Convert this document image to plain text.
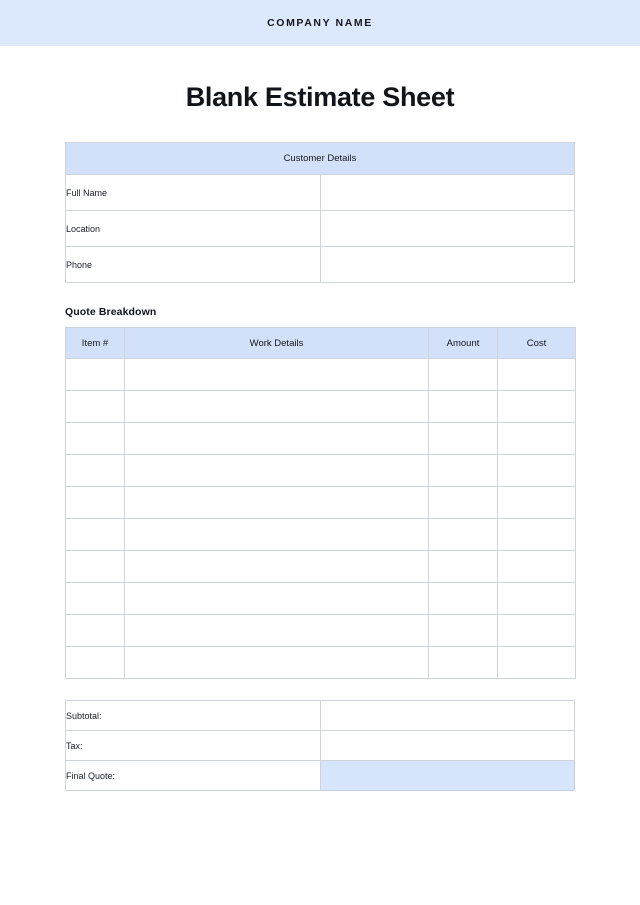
COMPANY NAME
Blank Estimate Sheet
Customer Details	
Full Name	
Location	
Phone	
Quote Breakdown
Item #	Work Details	Amount	Cost

Subtotal:	
Tax:	
Final Quote:	
